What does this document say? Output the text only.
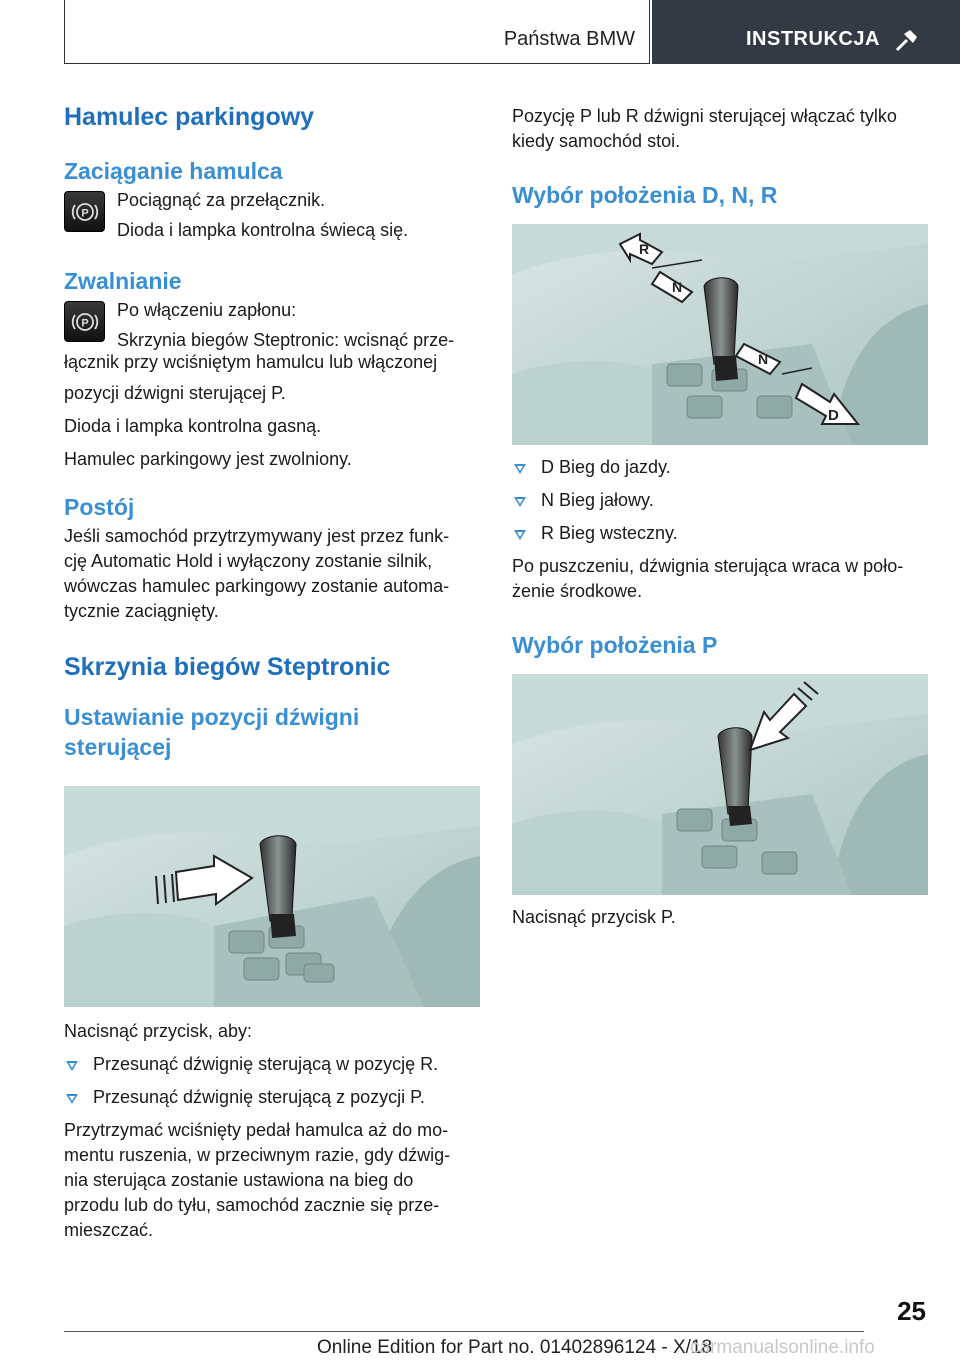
Państwa BMW	INSTRUKCJA
Hamulec parkingowy
Zaciąganie hamulca
P

Pociągnąć za przełącznik.

Dioda i lampka kontrolna świecą się.

Zwalnianie
P

Po włączeniu zapłonu:

Skrzynia biegów Steptronic: wcisnąć prze-

łącznik przy wciśniętym hamulcu lub włączonej

pozycji dźwigni sterującej P.

Dioda i lampka kontrolna gasną.

Hamulec parkingowy jest zwolniony.

Postój

Jeśli samochód przytrzymywany jest przez funk-

cję Automatic Hold i wyłączony zostanie silnik,

wówczas hamulec parkingowy zostanie automa-

tycznie zaciągnięty.

Skrzynia biegów Steptronic
Ustawianie pozycji dźwigni
sterującej

Nacisnąć przycisk, aby:

Przesunąć dźwignię sterującą w pozycję R.
Przesunąć dźwignię sterującą z pozycji P.

Przytrzymać wciśnięty pedał hamulca aż do mo-

mentu ruszenia, w przeciwnym razie, gdy dźwig-

nia sterująca zostanie ustawiona na bieg do

przodu lub do tyłu, samochód zacznie się prze-

mieszczać.

Pozycję P lub R dźwigni sterującej włączać tylko

kiedy samochód stoi.

Wybór położenia D, N, R
R
N
N
D
D Bieg do jazdy.
N Bieg jałowy.
R Bieg wsteczny.

Po puszczeniu, dźwignia sterująca wraca w poło-

żenie środkowe.

Wybór położenia P

Nacisnąć przycisk P.

25
Online Edition for Part no. 01402896124 - X/18
carmanualsonline.info
